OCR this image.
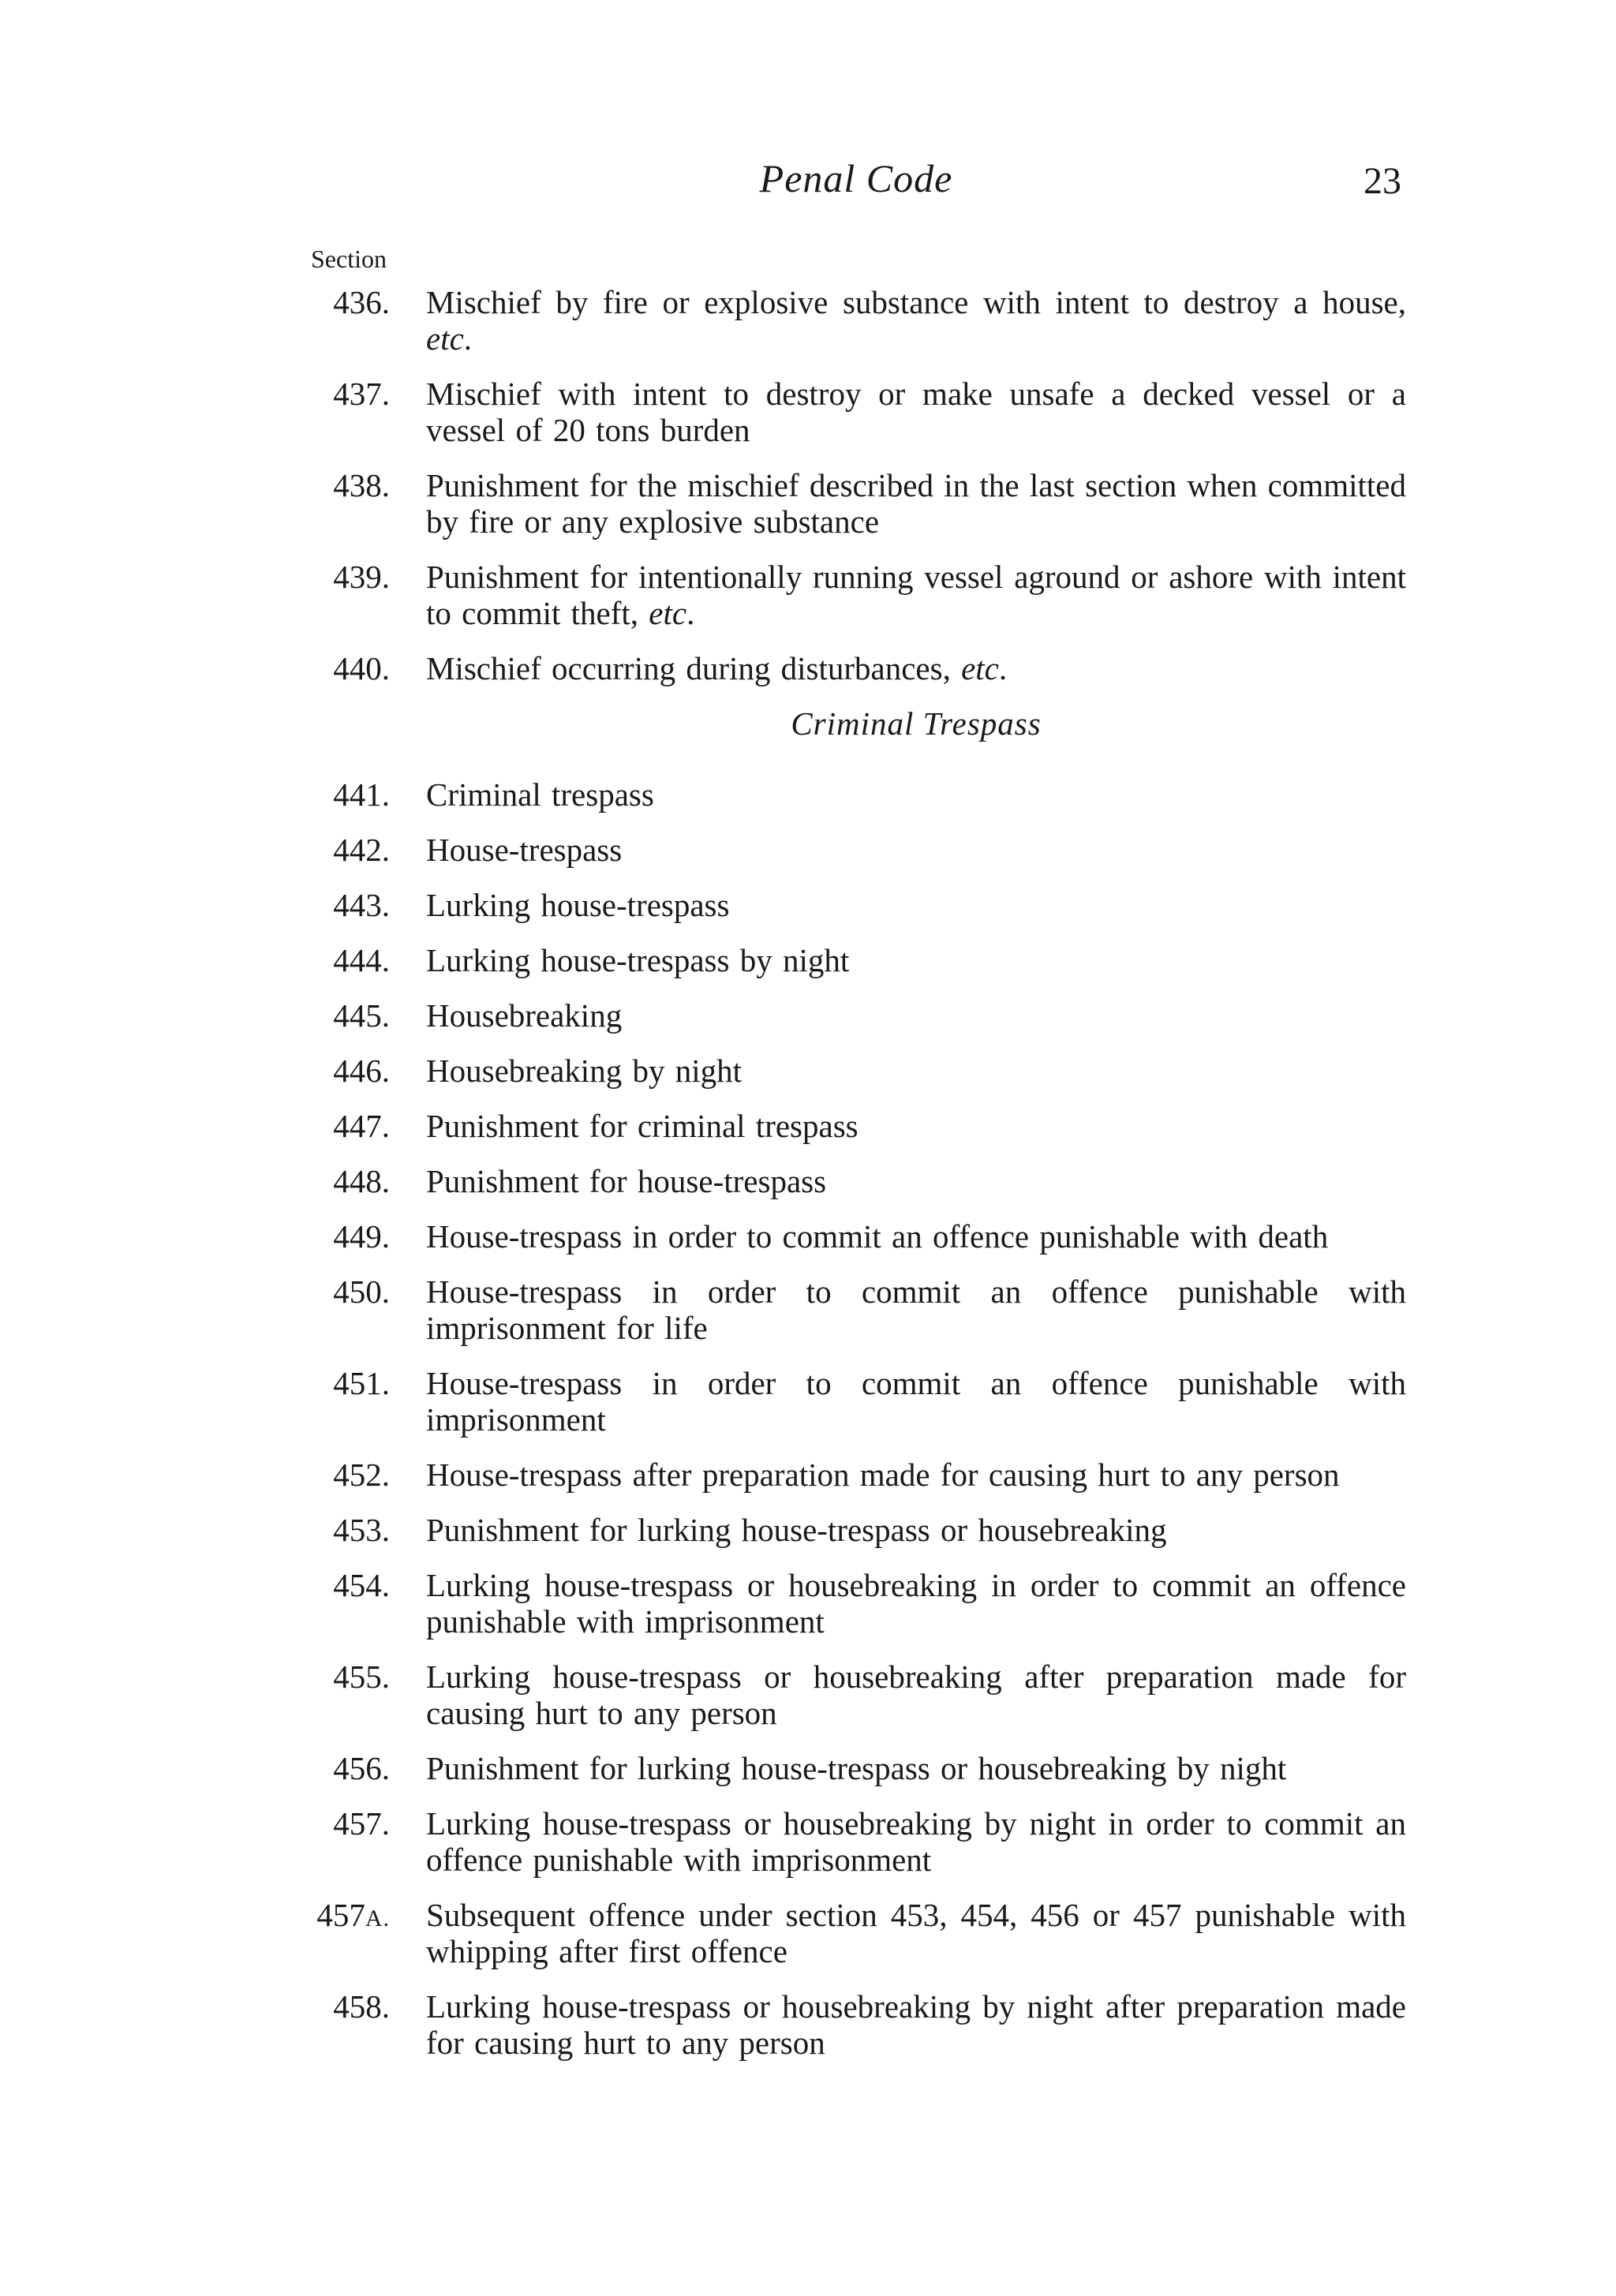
Penal Code	23
Section
436. Mischief by fire or explosive substance with intent to destroy a house, etc.
437. Mischief with intent to destroy or make unsafe a decked vessel or a vessel of 20 tons burden
438. Punishment for the mischief described in the last section when committed by fire or any explosive substance
439. Punishment for intentionally running vessel aground or ashore with intent to commit theft, etc.
440. Mischief occurring during disturbances, etc.
Criminal Trespass
441. Criminal trespass
442. House-trespass
443. Lurking house-trespass
444. Lurking house-trespass by night
445. Housebreaking
446. Housebreaking by night
447. Punishment for criminal trespass
448. Punishment for house-trespass
449. House-trespass in order to commit an offence punishable with death
450. House-trespass in order to commit an offence punishable with imprisonment for life
451. House-trespass in order to commit an offence punishable with imprisonment
452. House-trespass after preparation made for causing hurt to any person
453. Punishment for lurking house-trespass or housebreaking
454. Lurking house-trespass or housebreaking in order to commit an offence punishable with imprisonment
455. Lurking house-trespass or housebreaking after preparation made for causing hurt to any person
456. Punishment for lurking house-trespass or housebreaking by night
457. Lurking house-trespass or housebreaking by night in order to commit an offence punishable with imprisonment
457A. Subsequent offence under section 453, 454, 456 or 457 punishable with whipping after first offence
458. Lurking house-trespass or housebreaking by night after preparation made for causing hurt to any person
